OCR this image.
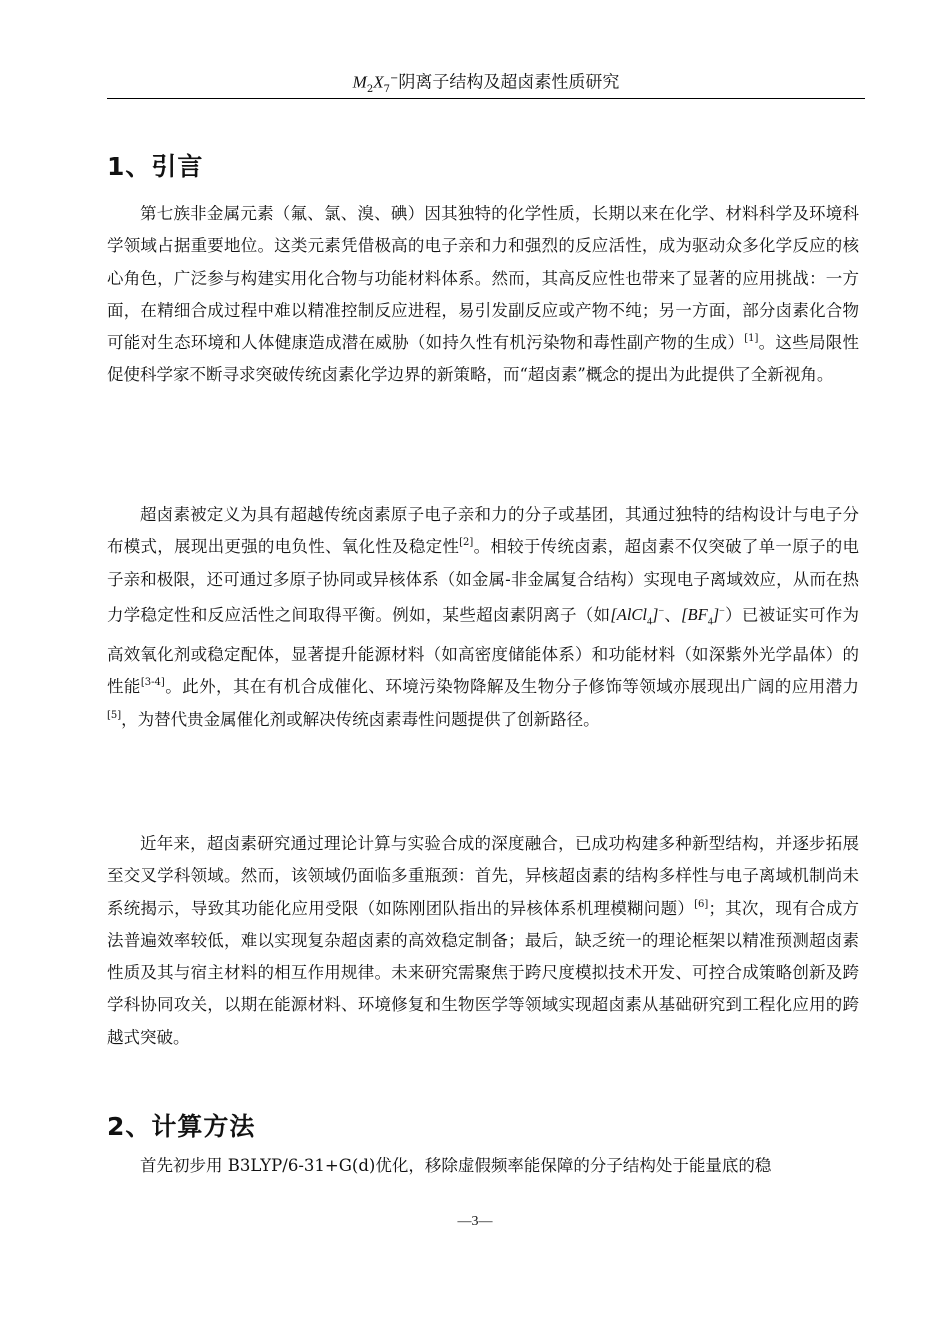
$M_2X_7^-$阴离子结构及超卤素性质研究
1、引言

第七族非金属元素（氟、氯、溴、碘）因其独特的化学性质，长期以来在化学、材料科学及环境科学领域占据重要地位。这类元素凭借极高的电子亲和力和强烈的反应活性，成为驱动众多化学反应的核心角色，广泛参与构建实用化合物与功能材料体系。然而，其高反应性也带来了显著的应用挑战：一方面，在精细合成过程中难以精准控制反应进程，易引发副反应或产物不纯；另一方面，部分卤素化合物可能对生态环境和人体健康造成潜在威胁（如持久性有机污染物和毒性副产物的生成）[1]。这些局限性促使科学家不断寻求突破传统卤素化学边界的新策略，而“超卤素”概念的提出为此提供了全新视角。

超卤素被定义为具有超越传统卤素原子电子亲和力的分子或基团，其通过独特的结构设计与电子分布模式，展现出更强的电负性、氧化性及稳定性[2]。相较于传统卤素，超卤素不仅突破了单一原子的电子亲和极限，还可通过多原子协同或异核体系（如金属-非金属复合结构）实现电子离域效应，从而在热力学稳定性和反应活性之间取得平衡。例如，某些超卤素阴离子（如[AlCl$_4$]−、$[BF_4]^-$）已被证实可作为高效氧化剂或稳定配体，显著提升能源材料（如高密度储能体系）和功能材料（如深紫外光学晶体）的性能[3-4]。此外，其在有机合成催化、环境污染物降解及生物分子修饰等领域亦展现出广阔的应用潜力[5]，为替代贵金属催化剂或解决传统卤素毒性问题提供了创新路径。

近年来，超卤素研究通过理论计算与实验合成的深度融合，已成功构建多种新型结构，并逐步拓展至交叉学科领域。然而，该领域仍面临多重瓶颈：首先，异核超卤素的结构多样性与电子离域机制尚未系统揭示，导致其功能化应用受限（如陈刚团队指出的异核体系机理模糊问题）[6]；其次，现有合成方法普遍效率较低，难以实现复杂超卤素的高效稳定制备；最后，缺乏统一的理论框架以精准预测超卤素性质及其与宿主材料的相互作用规律。未来研究需聚焦于跨尺度模拟技术开发、可控合成策略创新及跨学科协同攻关，以期在能源材料、环境修复和生物医学等领域实现超卤素从基础研究到工程化应用的跨越式突破。

2、计算方法

首先初步用 B3LYP/6-31+G(d)优化，移除虚假频率能保障的分子结构处于能量底的稳

—3—
